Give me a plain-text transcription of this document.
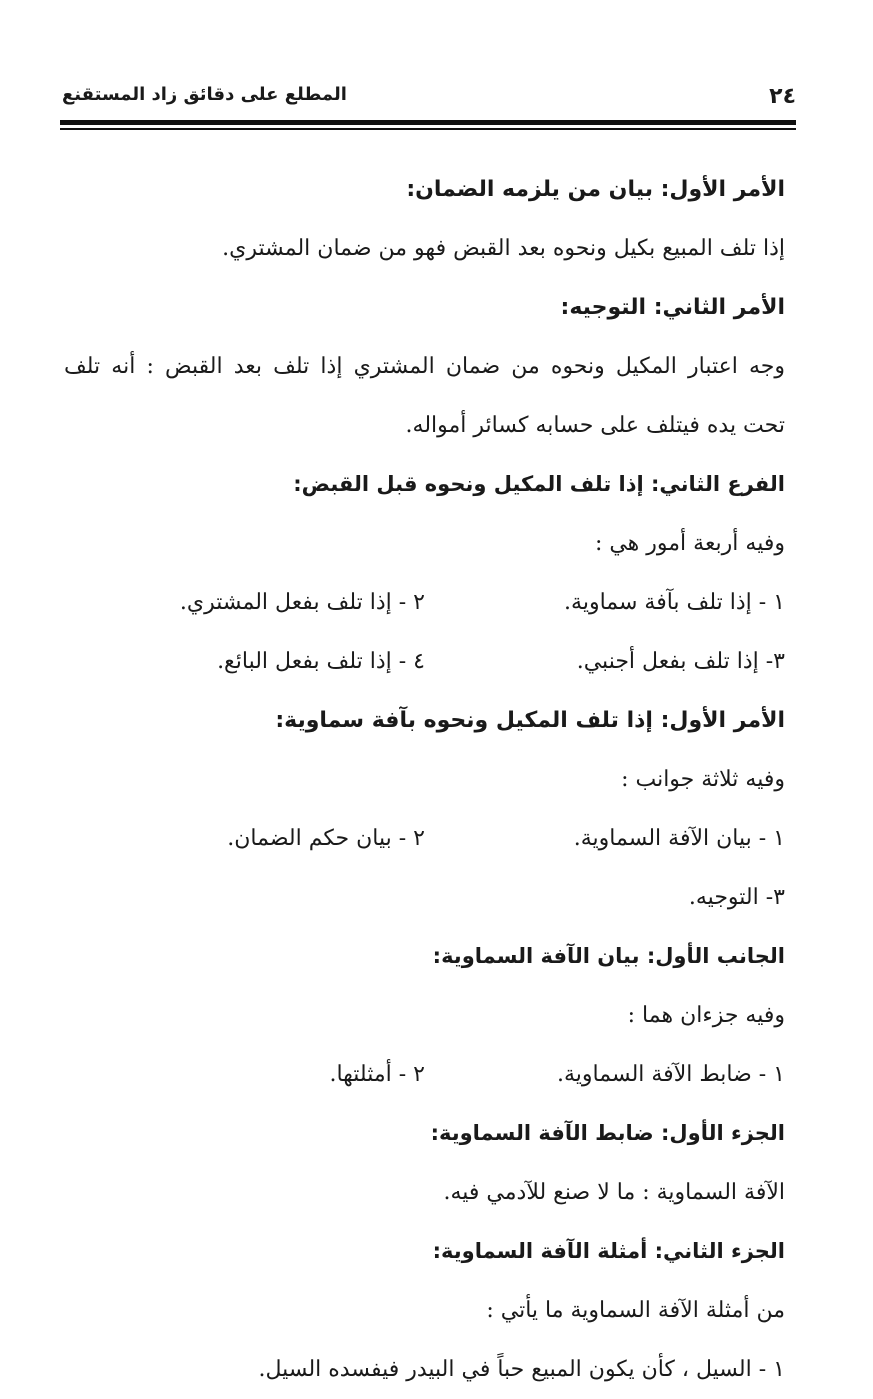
٢٤
المطلع على دقائق زاد المستقنع
الأمر الأول: بيان من يلزمه الضمان:
إذا تلف المبيع بكيل ونحوه بعد القبض فهو من ضمان المشتري.
الأمر الثاني: التوجيه:
وجه اعتبار المكيل ونحوه من ضمان المشتري إذا تلف بعد القبض : أنه تلف
تحت يده فيتلف على حسابه كسائر أمواله.
الفرع الثاني: إذا تلف المكيل ونحوه قبل القبض:
وفيه أربعة أمور هي :
١ - إذا تلف بآفة سماوية.
٢ - إذا تلف بفعل المشتري.
٣- إذا تلف بفعل أجنبي.
٤ - إذا تلف بفعل البائع.
الأمر الأول: إذا تلف المكيل ونحوه بآفة سماوية:
وفيه ثلاثة جوانب :
١ - بيان الآفة السماوية.
٢ - بيان حكم الضمان.
٣- التوجيه.
الجانب الأول: بيان الآفة السماوية:
وفيه جزءان هما :
١ - ضابط الآفة السماوية.
٢ - أمثلتها.
الجزء الأول: ضابط الآفة السماوية:
الآفة السماوية : ما لا صنع للآدمي فيه.
الجزء الثاني: أمثلة الآفة السماوية:
من أمثلة الآفة السماوية ما يأتي :
١ - السيل ، كأن يكون المبيع حباً في البيدر فيفسده السيل.
